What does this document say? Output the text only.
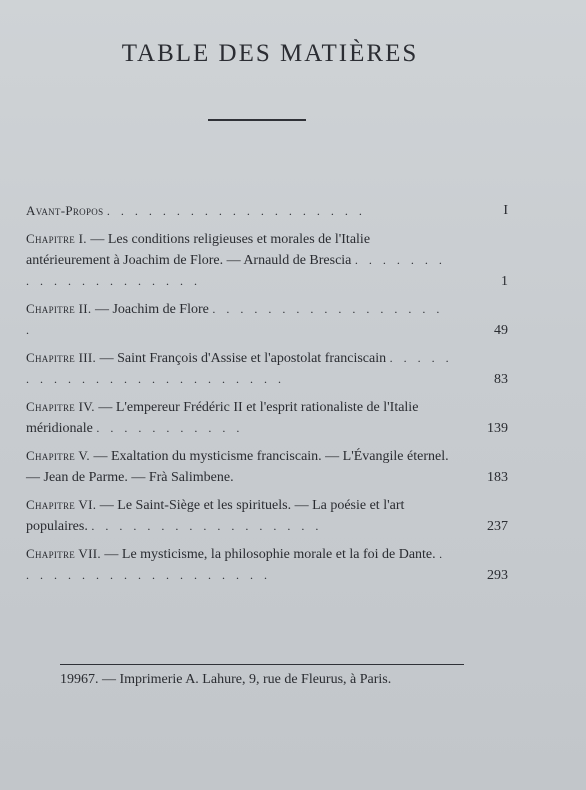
TABLE DES MATIÈRES
Avant-Propos . . . . . . . . . . . . . . . . . . .	I
Chapitre I. — Les conditions religieuses et morales de l'Italie antérieurement à Joachim de Flore. — Arnauld de Brescia . . . . . . . . . . . . . . . . . . . .	1
Chapitre II. — Joachim de Flore . . . . . . . . . . . . . . . . . .	49
Chapitre III. — Saint François d'Assise et l'apostolat franciscain . . . . . . . . . . . . . . . . . . . . . . . .	83
Chapitre IV. — L'empereur Frédéric II et l'esprit rationaliste de l'Italie méridionale . . . . . . . . . . .	139
Chapitre V. — Exaltation du mysticisme franciscain. — L'Évangile éternel. — Jean de Parme. — Frà Salimbene.	183
Chapitre VI. — Le Saint-Siège et les spirituels. — La poésie et l'art populaires. . . . . . . . . . . . . . . . . .	237
Chapitre VII. — Le mysticisme, la philosophie morale et la foi de Dante. . . . . . . . . . . . . . . . . . . .	293
19967. — Imprimerie A. Lahure, 9, rue de Fleurus, à Paris.
